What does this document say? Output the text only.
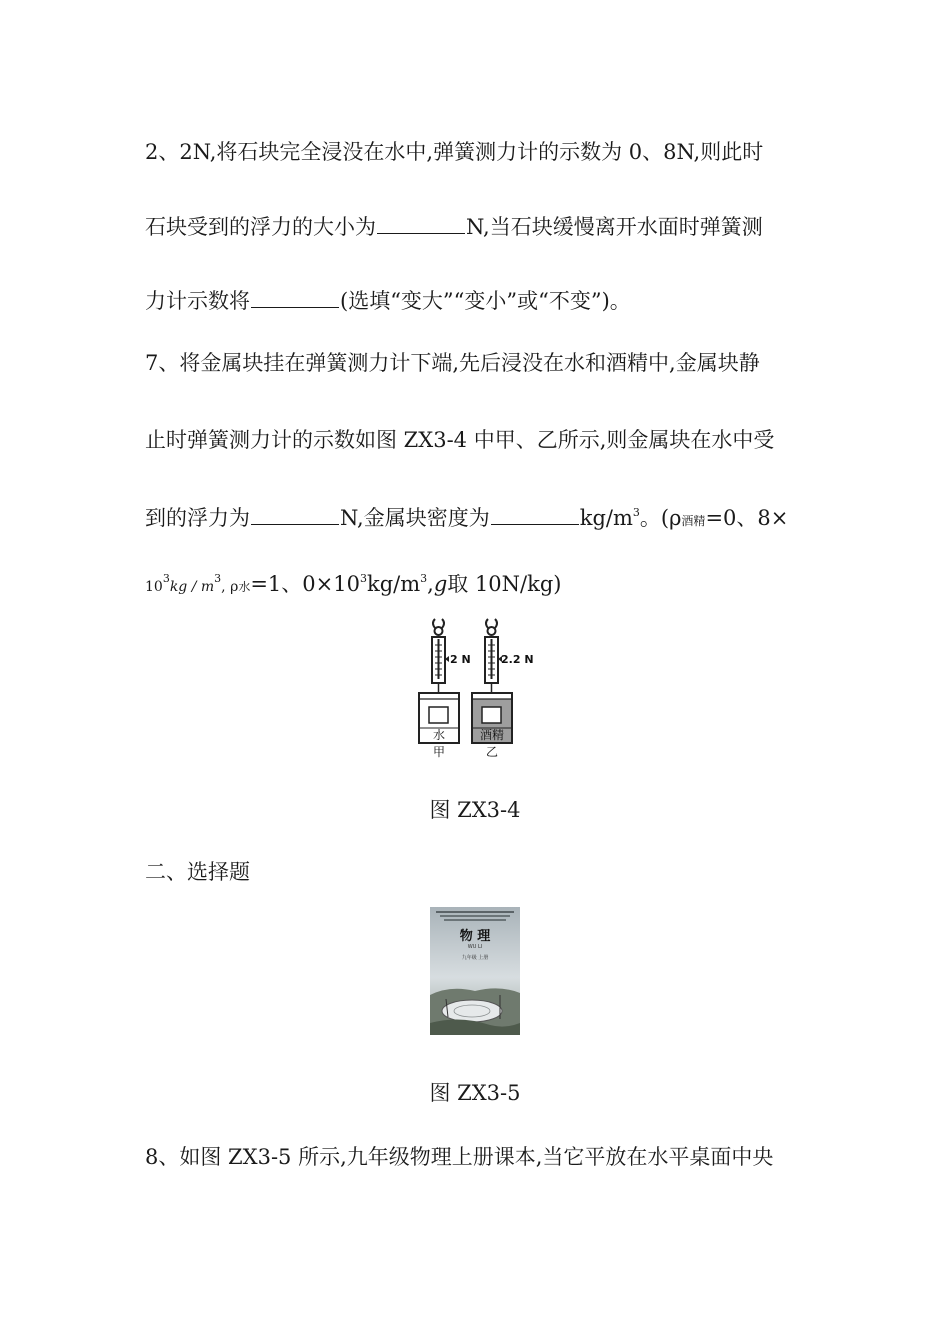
2、2N,将石块完全浸没在水中,弹簧测力计的示数为 0、8N,则此时
石块受到的浮力的大小为	N,当石块缓慢离开水面时弹簧测
力计示数将	(选填“变大”“变小”或“不变”)。
7、将金属块挂在弹簧测力计下端,先后浸没在水和酒精中,金属块静
止时弹簧测力计的示数如图 ZX3-4 中甲、乙所示,则金属块在水中受
到的浮力为	N,金属块密度为	$kg/m^3$。(ρ酒精=0、8×
$10^3kg / m^3$, ρ水=1、$0\times 10^3kg/m^3,g$取 10N/kg)
2 N
水
甲
2.2 N
酒精
乙
图 ZX3-4
二、选择题
物 理
WU LI
九年级 上册
图 ZX3-5
8、如图 ZX3-5 所示,九年级物理上册课本,当它平放在水平桌面中央
